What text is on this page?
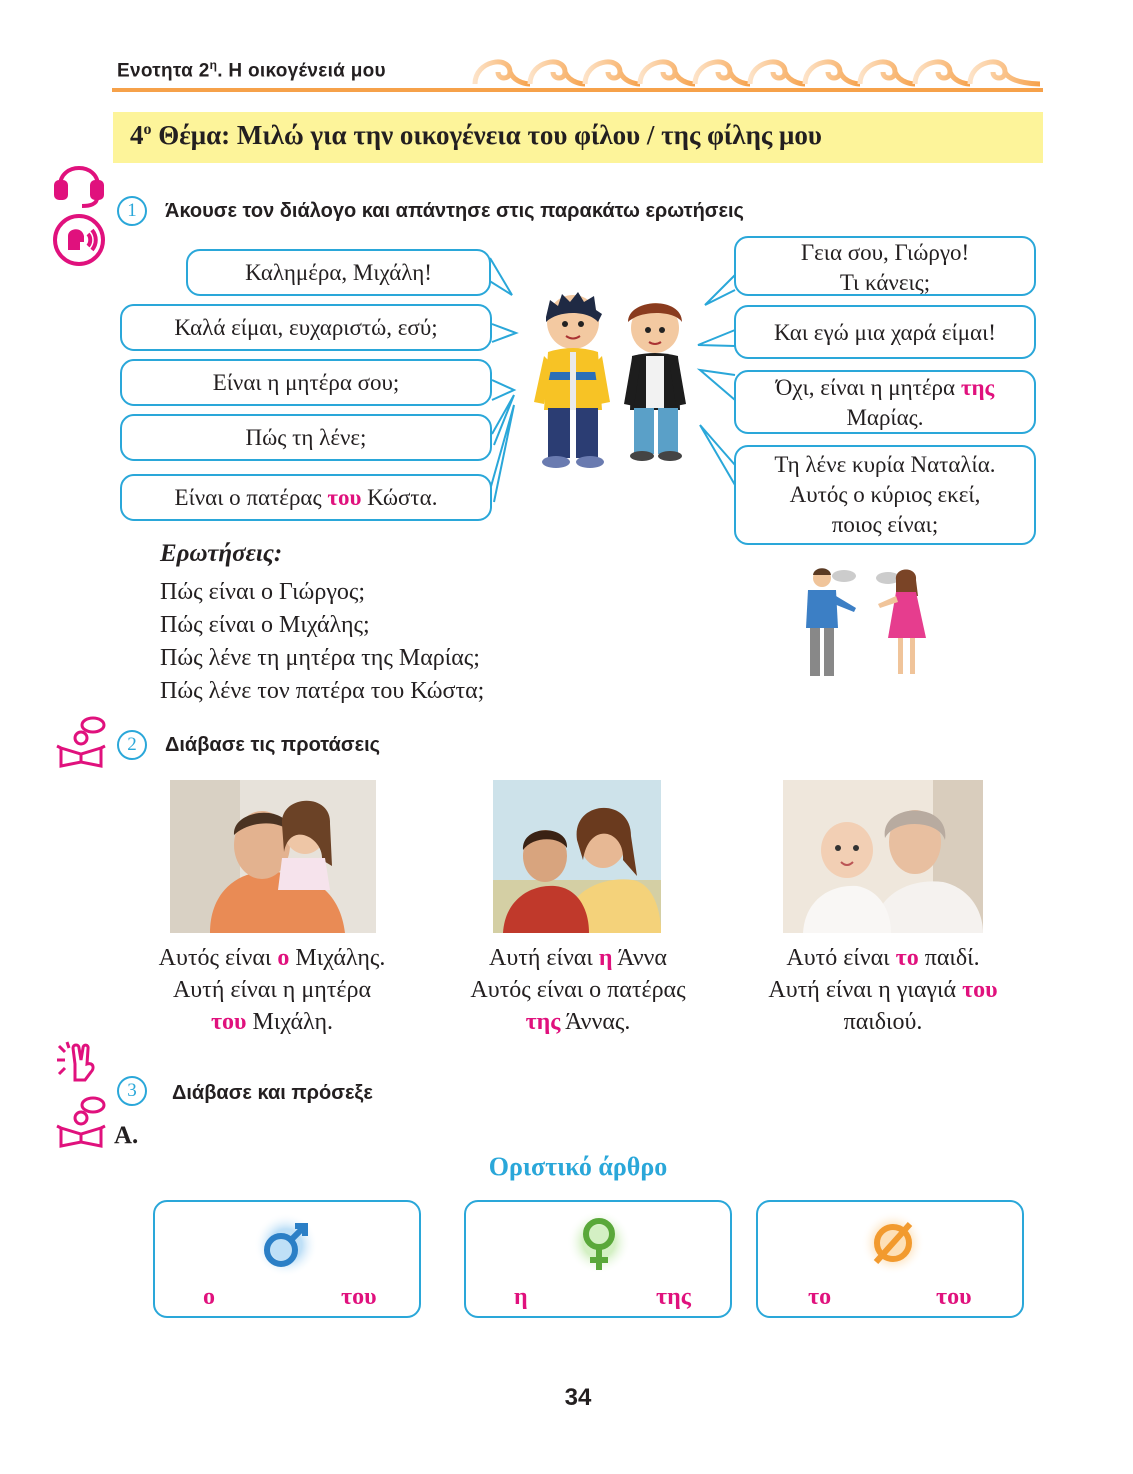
Ενοτητα $2^\eta$. Η οικογένειά μου
$4^o$ Θέμα: Μιλώ για την οικογένεια του φίλου / της φίλης μου
1	Άκουσε τον διάλογο και απάντησε στις παρακάτω ερωτήσεις
Καλημέρα, Μιχάλη!
Καλά είμαι, ευχαριστώ, εσύ;
Είναι η μητέρα σου;
Πώς τη λένε;
Είναι ο πατέρας του Κώστα.
Γεια σου, Γιώργο!
Τι κάνεις;
Και εγώ μια χαρά είμαι!
Όχι, είναι η μητέρα της
Μαρίας.
Τη λένε κυρία Ναταλία.
Αυτός ο κύριος εκεί,
ποιος είναι;
Ερωτήσεις:
Πώς είναι ο Γιώργος;
Πώς είναι ο Μιχάλης;
Πώς λένε τη μητέρα της Μαρίας;
Πώς λένε τον πατέρα του Κώστα;
2	Διάβασε τις προτάσεις
Αυτός είναι ο Μιχάλης.
Αυτή είναι η μητέρα
του Μιχάλη.
Αυτή είναι η Άννα
Αυτός είναι ο πατέρας
της Άννας.
Αυτό είναι το παιδί.
Αυτή είναι η γιαγιά του
παιδιού.
3	Διάβασε και πρόσεξε
Α.
Οριστικό άρθρο
ο	του	η	της	το	του
34
